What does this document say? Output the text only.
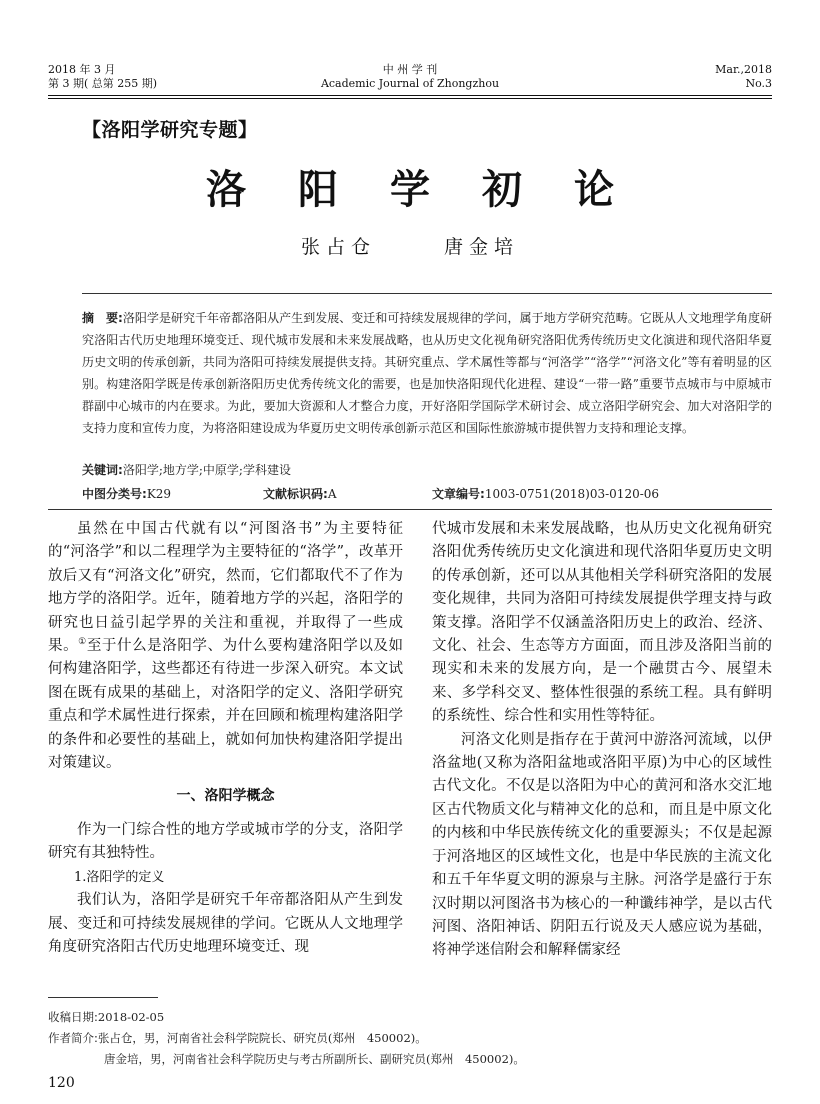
2018 年 3 月
第 3 期( 总第 255 期)
中 州 学 刊
Academic Journal of Zhongzhou
Mar.,2018
No.3
【洛阳学研究专题】
洛阳学初论
张占仓	唐金培
摘　要:洛阳学是研究千年帝都洛阳从产生到发展、变迁和可持续发展规律的学问，属于地方学研究范畴。它既从人文地理学角度研究洛阳古代历史地理环境变迁、现代城市发展和未来发展战略，也从历史文化视角研究洛阳优秀传统历史文化演进和现代洛阳华夏历史文明的传承创新，共同为洛阳可持续发展提供支持。其研究重点、学术属性等都与“河洛学”“洛学”“河洛文化”等有着明显的区别。构建洛阳学既是传承创新洛阳历史优秀传统文化的需要，也是加快洛阳现代化进程、建设“一带一路”重要节点城市与中原城市群副中心城市的内在要求。为此，要加大资源和人才整合力度，开好洛阳学国际学术研讨会、成立洛阳学研究会、加大对洛阳学的支持力度和宣传力度，为将洛阳建设成为华夏历史文明传承创新示范区和国际性旅游城市提供智力支持和理论支撑。
关键词:洛阳学;地方学;中原学;学科建设
中图分类号:K29	文献标识码:A	文章编号:1003-0751(2018)03-0120-06

虽然在中国古代就有以“河图洛书”为主要特征的“河洛学”和以二程理学为主要特征的“洛学”，改革开放后又有“河洛文化”研究，然而，它们都取代不了作为地方学的洛阳学。近年，随着地方学的兴起，洛阳学的研究也日益引起学界的关注和重视，并取得了一些成果。①至于什么是洛阳学、为什么要构建洛阳学以及如何构建洛阳学，这些都还有待进一步深入研究。本文试图在既有成果的基础上，对洛阳学的定义、洛阳学研究重点和学术属性进行探索，并在回顾和梳理构建洛阳学的条件和必要性的基础上，就如何加快构建洛阳学提出对策建议。

一、洛阳学概念

作为一门综合性的地方学或城市学的分支，洛阳学研究有其独特性。

1.洛阳学的定义

我们认为，洛阳学是研究千年帝都洛阳从产生到发展、变迁和可持续发展规律的学问。它既从人文地理学角度研究洛阳古代历史地理环境变迁、现

代城市发展和未来发展战略，也从历史文化视角研究洛阳优秀传统历史文化演进和现代洛阳华夏历史文明的传承创新，还可以从其他相关学科研究洛阳的发展变化规律，共同为洛阳可持续发展提供学理支持与政策支撑。洛阳学不仅涵盖洛阳历史上的政治、经济、文化、社会、生态等方方面面，而且涉及洛阳当前的现实和未来的发展方向，是一个融贯古今、展望未来、多学科交叉、整体性很强的系统工程。具有鲜明的系统性、综合性和实用性等特征。

河洛文化则是指存在于黄河中游洛河流域，以伊洛盆地(又称为洛阳盆地或洛阳平原)为中心的区域性古代文化。不仅是以洛阳为中心的黄河和洛水交汇地区古代物质文化与精神文化的总和，而且是中原文化的内核和中华民族传统文化的重要源头；不仅是起源于河洛地区的区域性文化，也是中华民族的主流文化和五千年华夏文明的源泉与主脉。河洛学是盛行于东汉时期以河图洛书为核心的一种谶纬神学，是以古代河图、洛阳神话、阴阳五行说及天人感应说为基础，将神学迷信附会和解释儒家经

收稿日期:2018-02-05
作者简介:张占仓，男，河南省社会科学院院长、研究员(郑州　450002)。
唐金培，男，河南省社会科学院历史与考古所副所长、副研究员(郑州　450002)。
120
